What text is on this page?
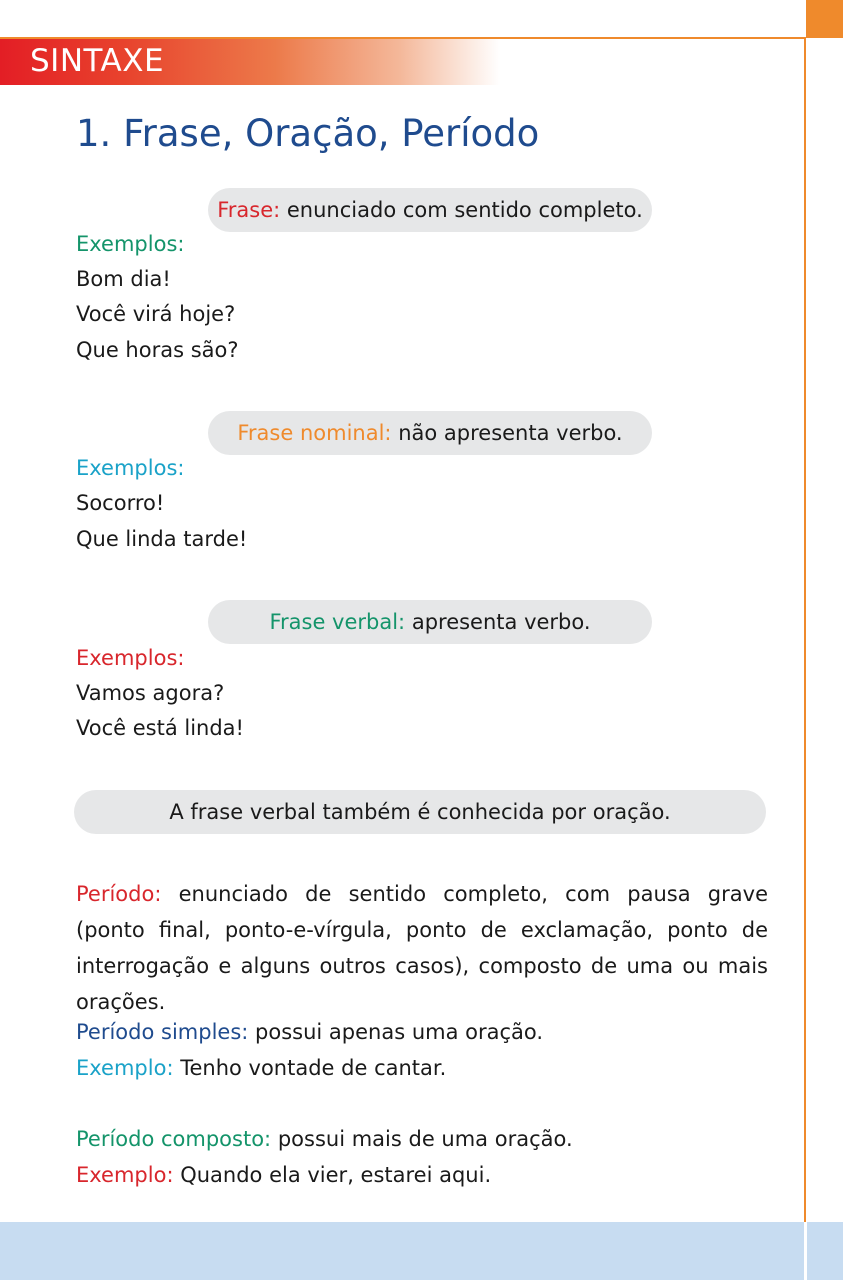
SINTAXE
1. Frase, Oração, Período
Frase: enunciado com sentido completo.

Exemplos:

Bom dia!

Você virá hoje?

Que horas são?

Frase nominal: não apresenta verbo.

Exemplos:

Socorro!

Que linda tarde!

Frase verbal: apresenta verbo.

Exemplos:

Vamos agora?

Você está linda!

A frase verbal também é conhecida por oração.

Período: enunciado de sentido completo, com pausa grave (ponto final, ponto-e-vírgula, ponto de exclamação, ponto de interrogação e alguns outros casos), composto de uma ou mais orações.

Período simples: possui apenas uma oração.

Exemplo: Tenho vontade de cantar.

Período composto: possui mais de uma oração.

Exemplo: Quando ela vier, estarei aqui.
